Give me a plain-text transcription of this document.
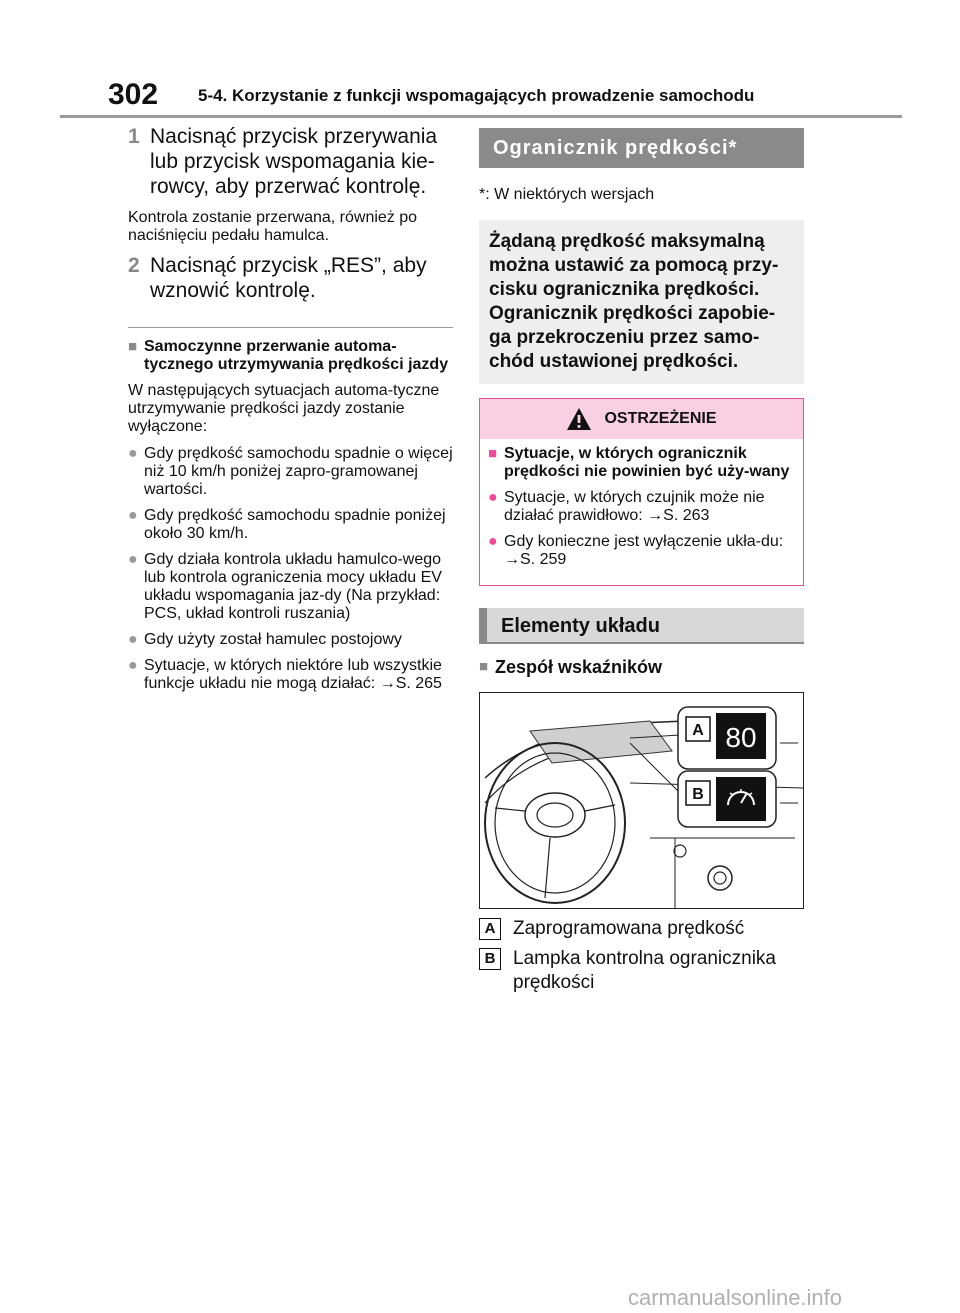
302 5-4. Korzystanie z funkcji wspomagających prowadzenie samochodu
1 Nacisnąć przycisk przerywania lub przycisk wspomagania kie-rowcy, aby przerwać kontrolę.
Kontrola zostanie przerwana, również po naciśnięciu pedału hamulca.
2 Nacisnąć przycisk „RES”, aby wznowić kontrolę.
■ Samoczynne przerwanie automa-tycznego utrzymywania prędkości jazdy
W następujących sytuacjach automa-tyczne utrzymywanie prędkości jazdy zostanie wyłączone:
● Gdy prędkość samochodu spadnie o więcej niż 10 km/h poniżej zapro-gramowanej wartości.
● Gdy prędkość samochodu spadnie poniżej około 30 km/h.
● Gdy działa kontrola układu hamulco-wego lub kontrola ograniczenia mocy układu EV układu wspomagania jaz-dy (Na przykład: PCS, układ kontroli ruszania)
● Gdy użyty został hamulec postojowy
● Sytuacje, w których niektóre lub wszystkie funkcje układu nie mogą działać: →S. 265
Ogranicznik prędkości*
*: W niektórych wersjach
Żądaną prędkość maksymalną można ustawić za pomocą przy-cisku ogranicznika prędkości. Ogranicznik prędkości zapobie-ga przekroczeniu przez samo-chód ustawionej prędkości.
OSTRZEŻENIE
■ Sytuacje, w których ogranicznik prędkości nie powinien być uży-wany
● Sytuacje, w których czujnik może nie działać prawidłowo: →S. 263
● Gdy konieczne jest wyłączenie ukła-du: →S. 259
Elementy układu
■ Zespół wskaźników
A 80
B
A Zaprogramowana prędkość
B Lampka kontrolna ogranicznika prędkości
carmanualsonline.info
